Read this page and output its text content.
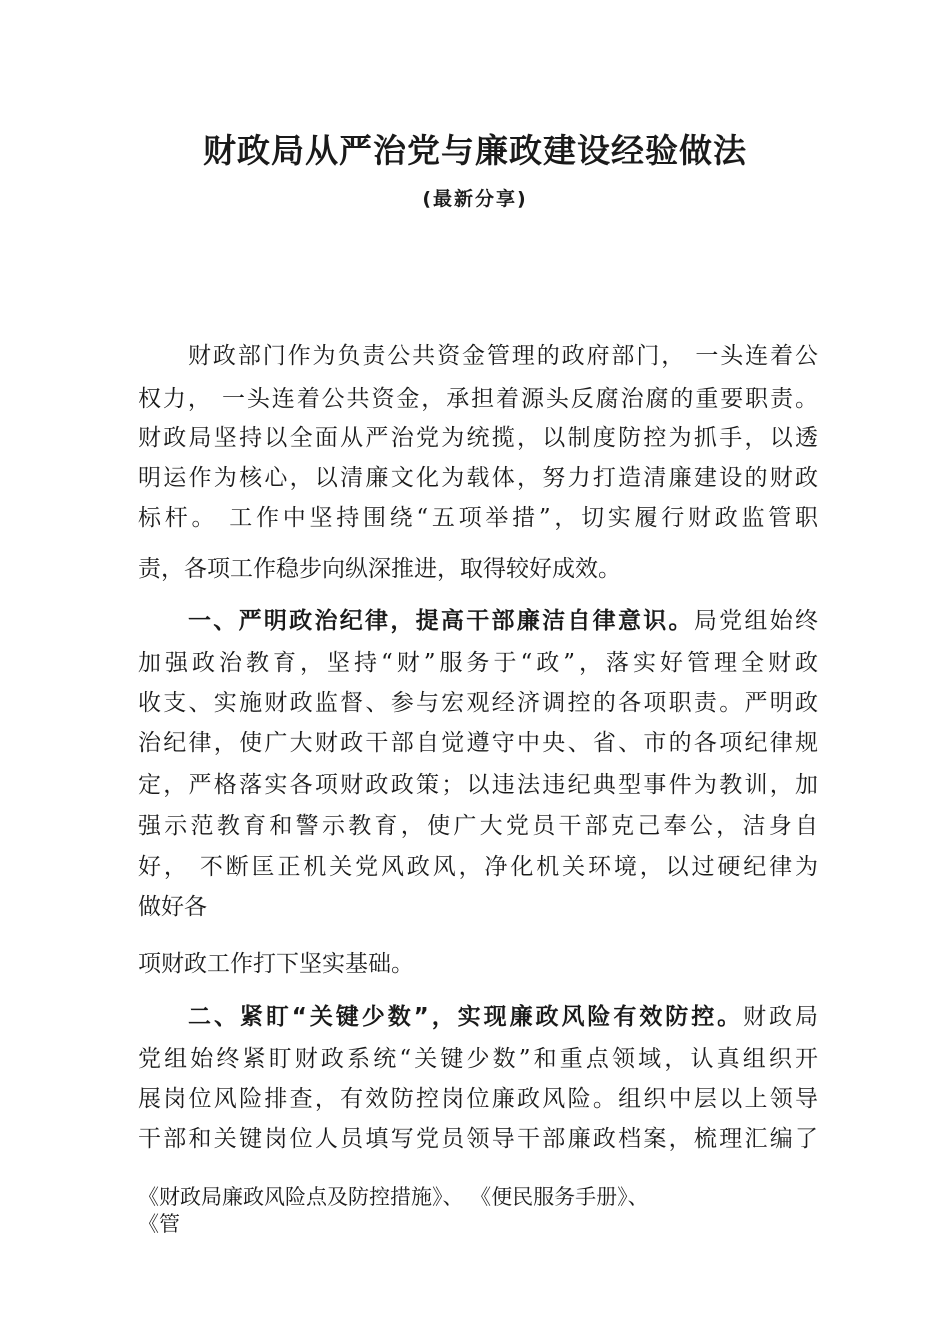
财政局从严治党与廉政建设经验做法
(最新分享)
财政部门作为负责公共资金管理的政府部门， 一头连着公
权力， 一头连着公共资金，承担着源头反腐治腐的重要职责。
财政局坚持以全面从严治党为统揽，以制度防控为抓手，以透
明运作为核心，以清廉文化为载体，努力打造清廉建设的财政
标杆。 工作中坚持围绕“五项举措”，切实履行财政监管职
责，各项工作稳步向纵深推进，取得较好成效。
一、严明政治纪律，提高干部廉洁自律意识。局党组始终
加强政治教育，坚持“财”服务于“政”，落实好管理全财政
收支、实施财政监督、参与宏观经济调控的各项职责。严明政
治纪律，使广大财政干部自觉遵守中央、省、市的各项纪律规
定，严格落实各项财政政策；以违法违纪典型事件为教训，加
强示范教育和警示教育，使广大党员干部克己奉公，洁身自
好， 不断匡正机关党风政风，净化机关环境，以过硬纪律为
做好各
项财政工作打下坚实基础。
二、紧盯“关键少数”，实现廉政风险有效防控。财政局
党组始终紧盯财政系统“关键少数”和重点领域，认真组织开
展岗位风险排查，有效防控岗位廉政风险。组织中层以上领导
干部和关键岗位人员填写党员领导干部廉政档案，梳理汇编了
《财政局廉政风险点及防控措施》、 《便民服务手册》、
《管
